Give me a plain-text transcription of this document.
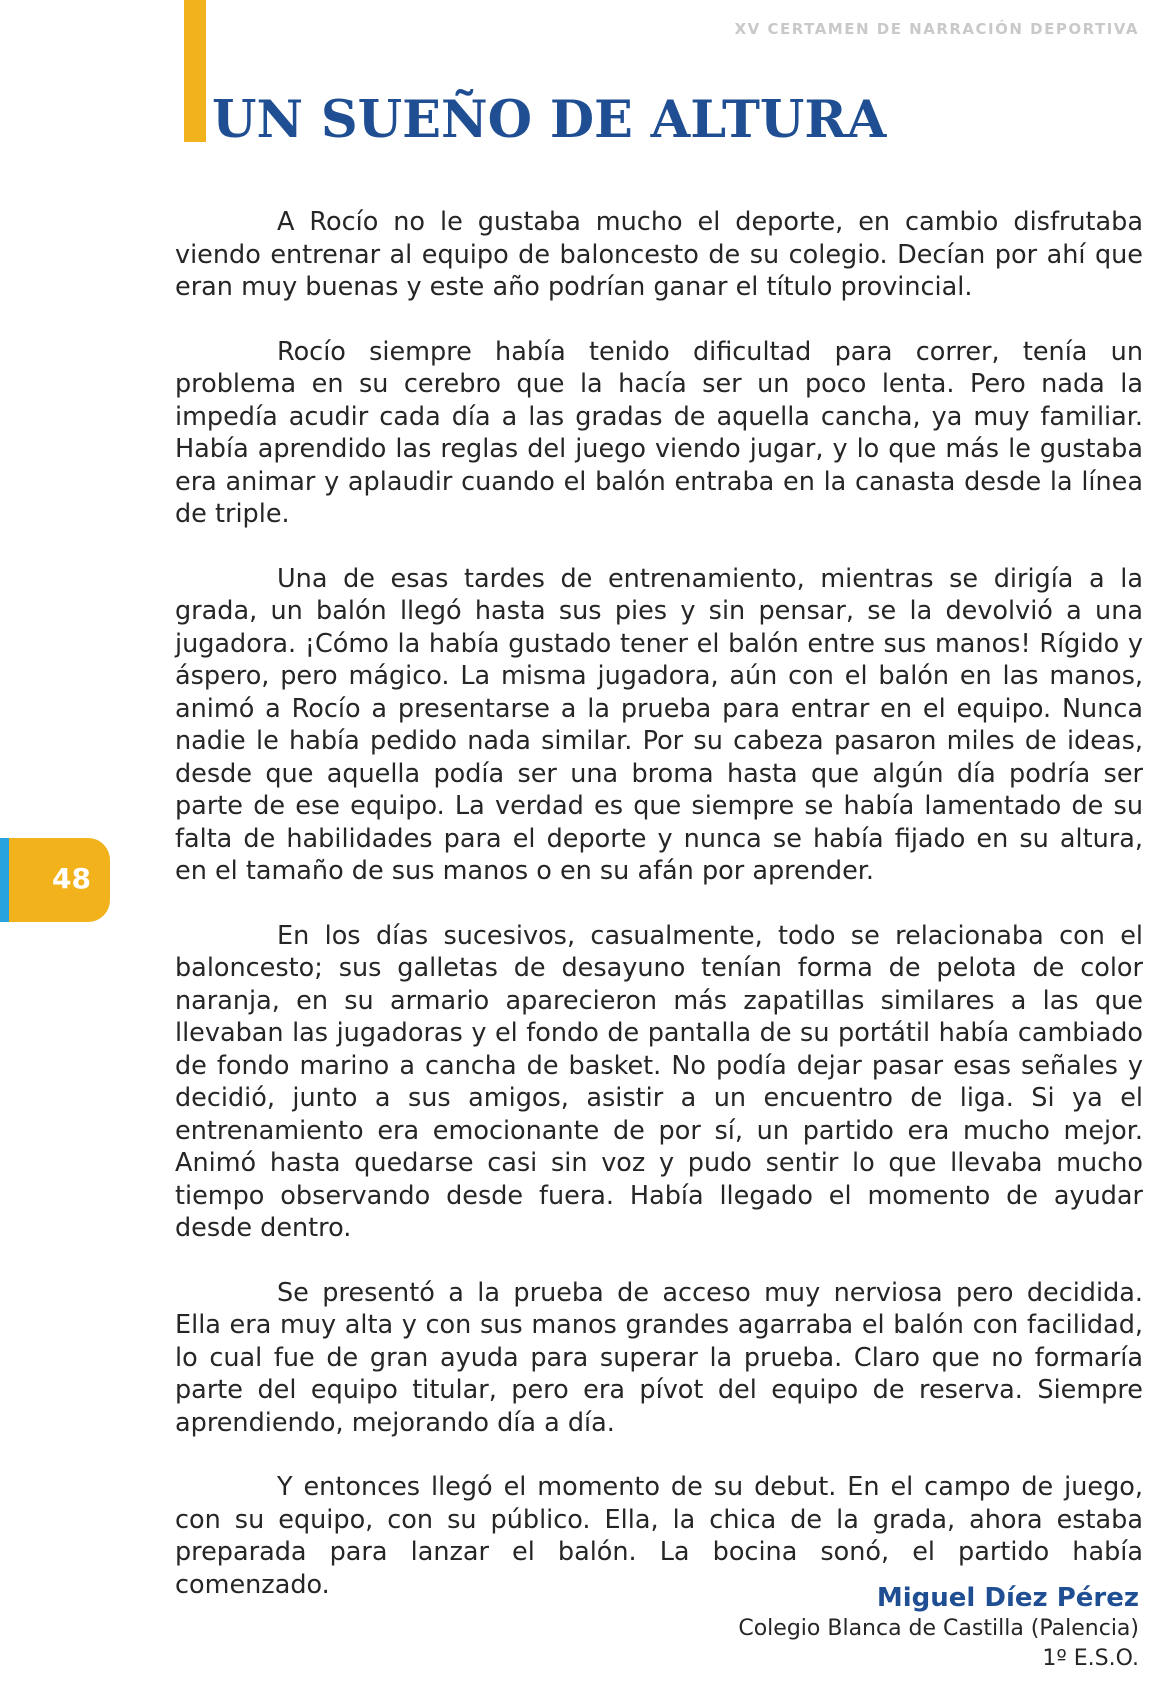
XV CERTAMEN DE NARRACIÓN DEPORTIVA
UN SUEÑO DE ALTURA

A Rocío no le gustaba mucho el deporte, en cambio disfrutaba viendo entrenar al equipo de baloncesto de su colegio. Decían por ahí que eran muy buenas y este año podrían ganar el título provincial.

Rocío siempre había tenido dificultad para correr, tenía un problema en su cerebro que la hacía ser un poco lenta. Pero nada la impedía acudir cada día a las gradas de aquella cancha, ya muy familiar. Había aprendido las reglas del juego viendo jugar, y lo que más le gustaba era animar y aplaudir cuando el balón entraba en la canasta desde la línea de triple.

Una de esas tardes de entrenamiento, mientras se dirigía a la grada, un balón llegó hasta sus pies y sin pensar, se la devolvió a una jugadora. ¡Cómo la había gustado tener el balón entre sus manos! Rígido y áspero, pero mágico. La misma jugadora, aún con el balón en las manos, animó a Rocío a presentarse a la prueba para entrar en el equipo. Nunca nadie le había pedido nada similar. Por su cabeza pasaron miles de ideas, desde que aquella podía ser una broma hasta que algún día podría ser parte de ese equipo. La verdad es que siempre se había lamentado de su falta de habilidades para el deporte y nunca se había fijado en su altura, en el tamaño de sus manos o en su afán por aprender.

En los días sucesivos, casualmente, todo se relacionaba con el baloncesto; sus galletas de desayuno tenían forma de pelota de color naranja, en su armario aparecieron más zapatillas similares a las que llevaban las jugadoras y el fondo de pantalla de su portátil había cambiado de fondo marino a cancha de basket. No podía dejar pasar esas señales y decidió, junto a sus amigos, asistir a un encuentro de liga. Si ya el entrenamiento era emocionante de por sí, un partido era mucho mejor. Animó hasta quedarse casi sin voz y pudo sentir lo que llevaba mucho tiempo observando desde fuera. Había llegado el momento de ayudar desde dentro.

Se presentó a la prueba de acceso muy nerviosa pero decidida. Ella era muy alta y con sus manos grandes agarraba el balón con facilidad, lo cual fue de gran ayuda para superar la prueba. Claro que no formaría parte del equipo titular, pero era pívot del equipo de reserva. Siempre aprendiendo, mejorando día a día.

Y entonces llegó el momento de su debut. En el campo de juego, con su equipo, con su público. Ella, la chica de la grada, ahora estaba preparada para lanzar el balón. La bocina sonó, el partido había comenzado.	Miguel Díez Pérez
Colegio Blanca de Castilla (Palencia)
1º E.S.O.
48
